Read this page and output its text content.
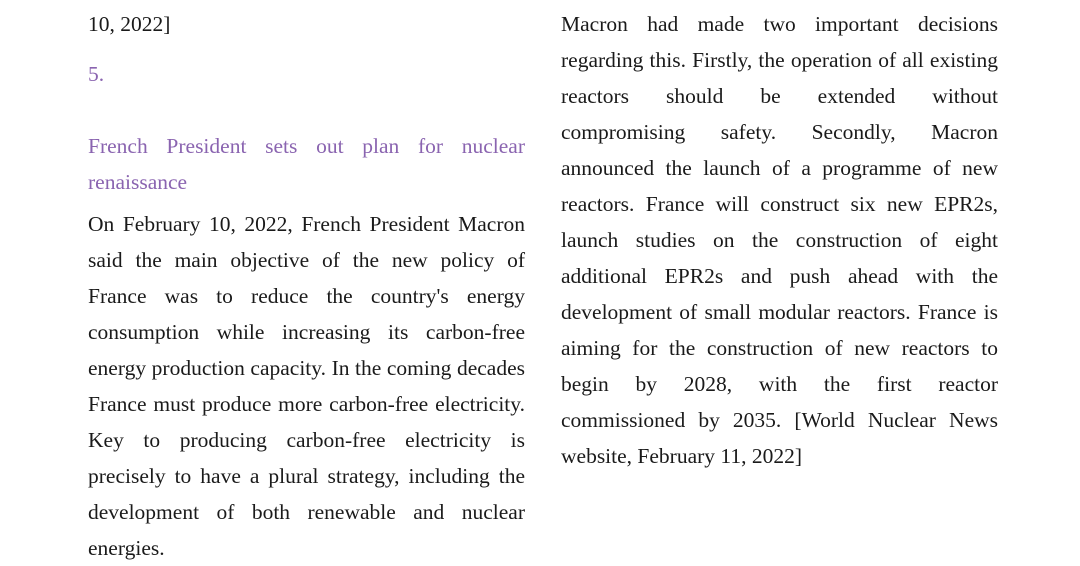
10, 2022]

5. French President sets out plan for nuclear renaissance

On February 10, 2022, French President Macron said the main objective of the new policy of France was to reduce the country's energy consumption while increasing its carbon-free energy production capacity. In the coming decades France must produce more carbon-free electricity. Key to producing carbon-free electricity is precisely to have a plural strategy, including the development of both renewable and nuclear energies.

Macron had made two important decisions regarding this. Firstly, the operation of all existing reactors should be extended without compromising safety. Secondly, Macron announced the launch of a programme of new reactors. France will construct six new EPR2s, launch studies on the construction of eight additional EPR2s and push ahead with the development of small modular reactors. France is aiming for the construction of new reactors to begin by 2028, with the first reactor commissioned by 2035. [World Nuclear News website, February 11, 2022]
